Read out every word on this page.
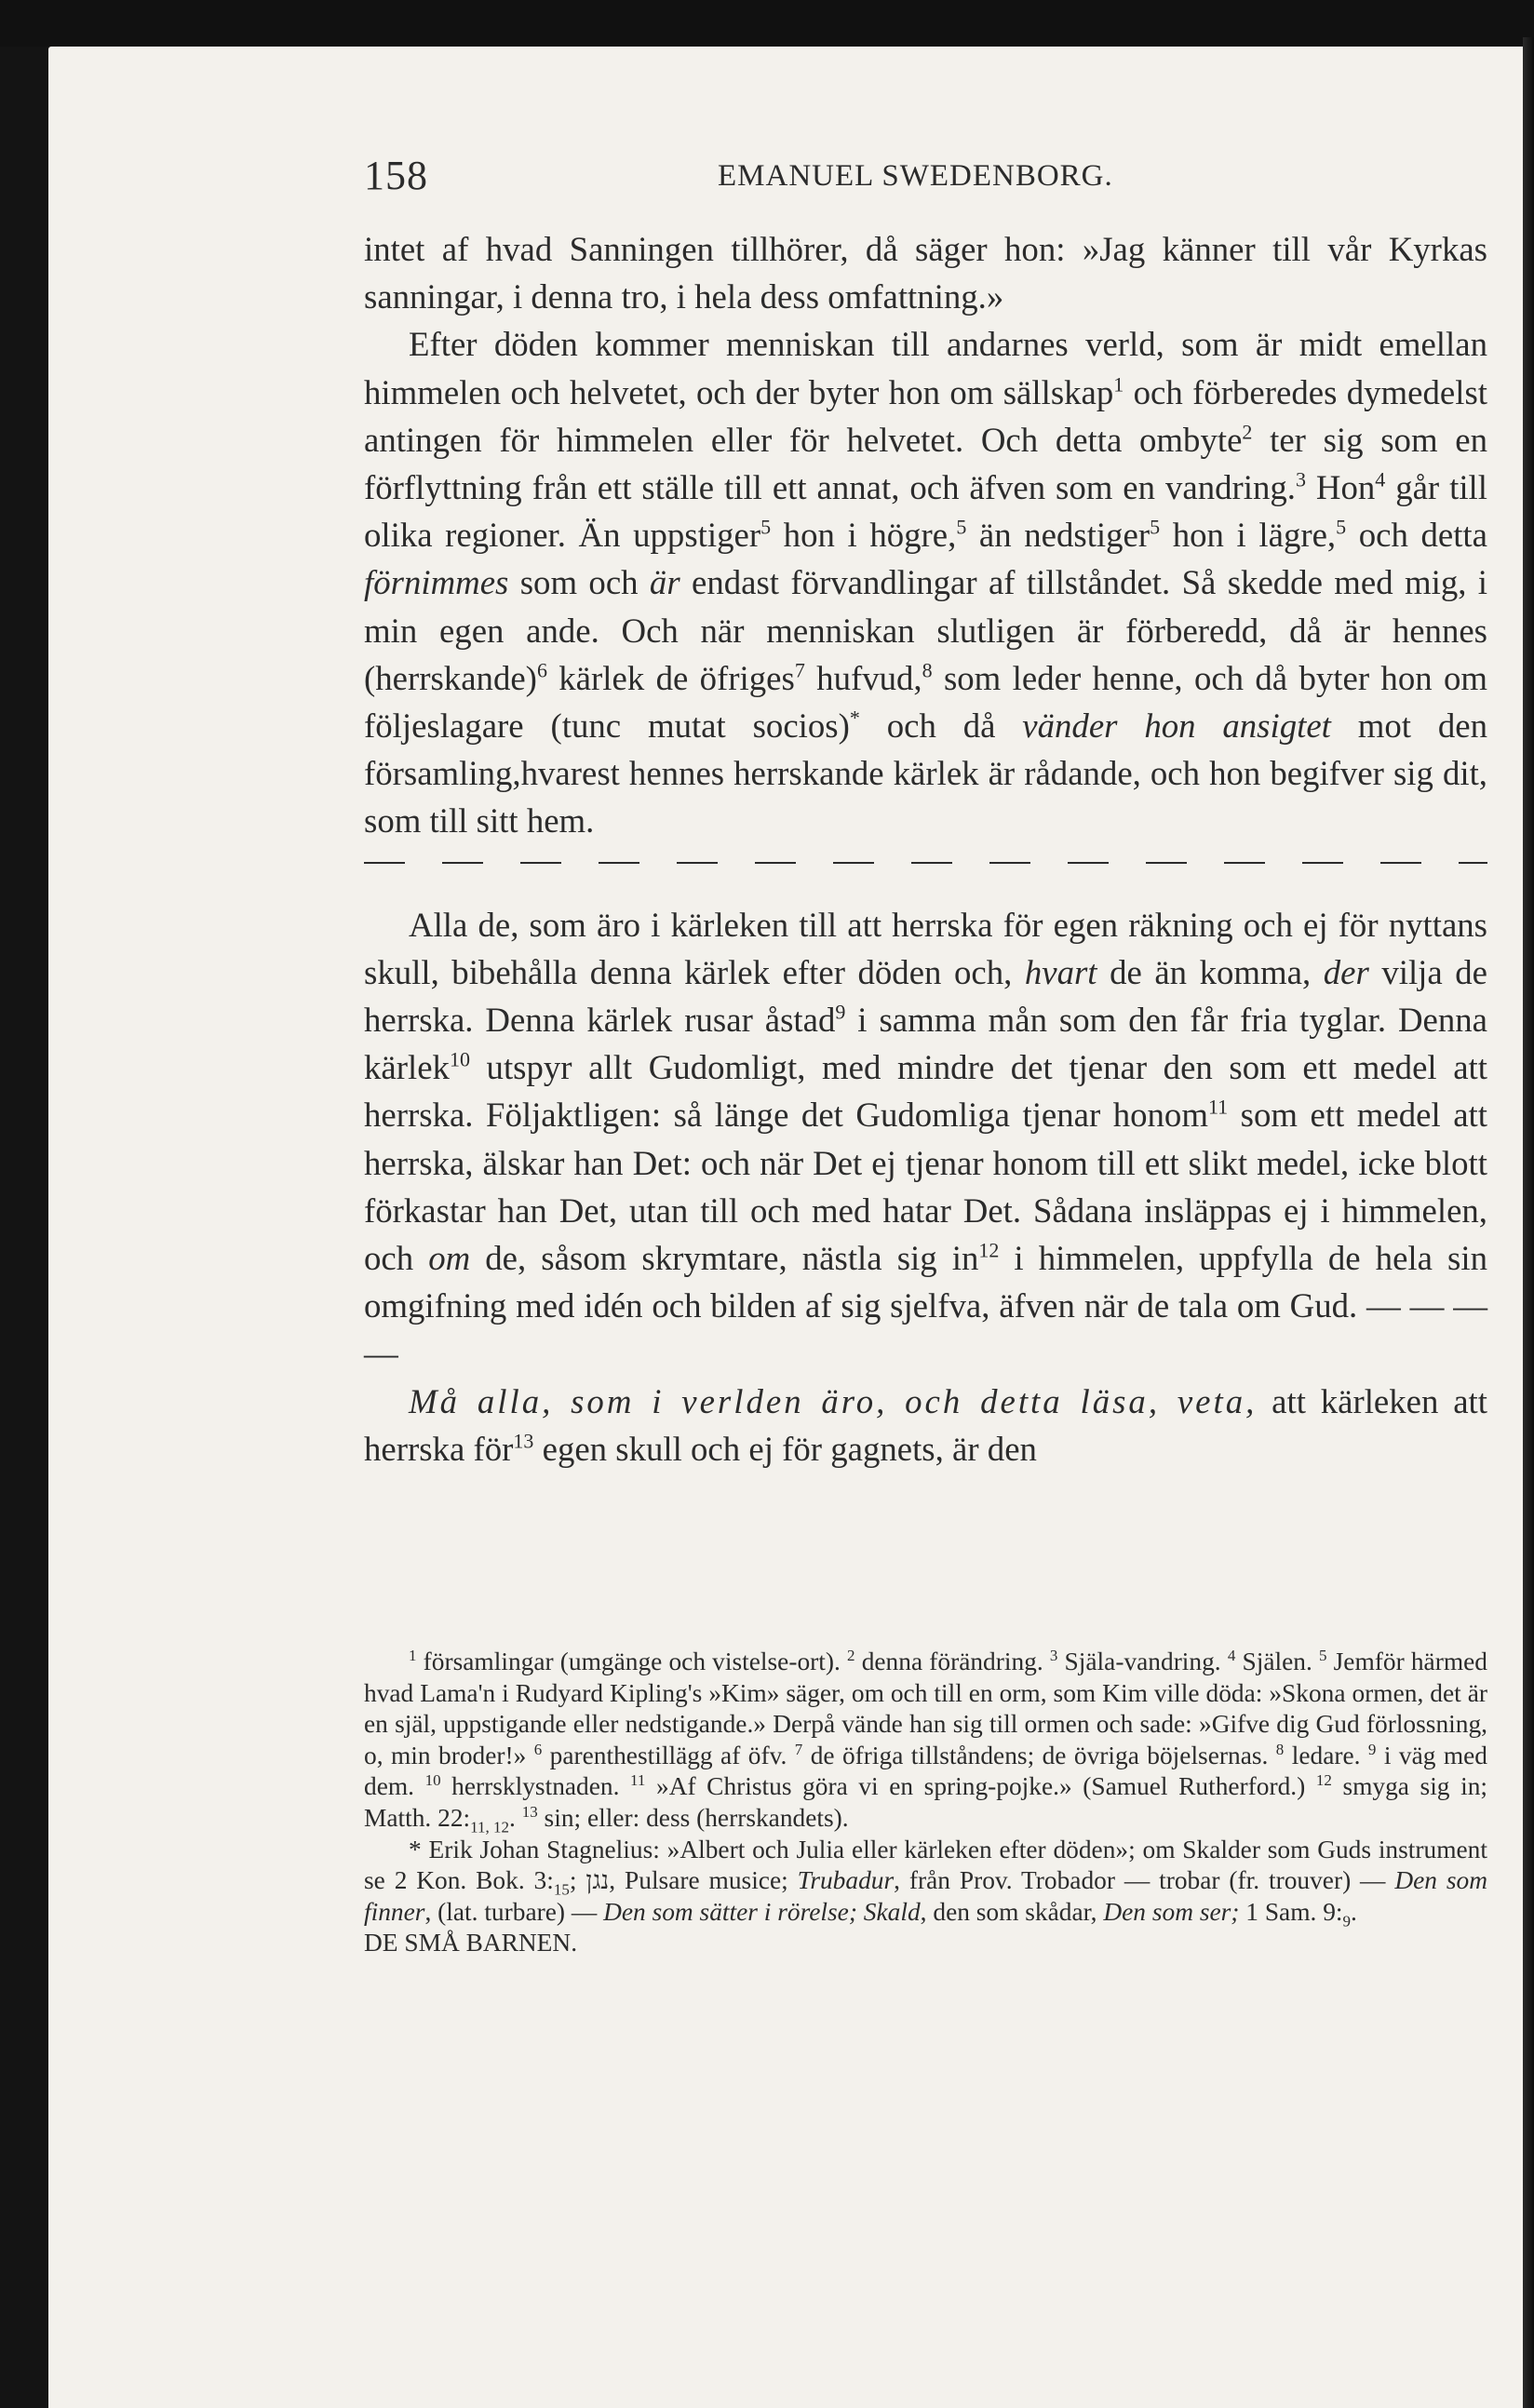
158	EMANUEL SWEDENBORG.

intet af hvad Sanningen tillhörer, då säger hon: »Jag känner till vår Kyrkas sanningar, i denna tro, i hela dess omfattning.»

Efter döden kommer menniskan till andarnes verld, som är midt emellan himmelen och helvetet, och der byter hon om sällskap$^1$ och förberedes dymedelst antingen för himmelen eller för helvetet. Och detta ombyte$^2$ ter sig som en förflyttning från ett ställe till ett annat, och äfven som en vandring.$^3$ Hon$^4$ går till olika regioner. Än uppstiger$^5$ hon i högre,$^5$ än nedstiger$^5$ hon i lägre,$^5$ och detta förnimmes som och är endast förvandlingar af tillståndet. Så skedde med mig, i min egen ande. Och när menniskan slutligen är förberedd, då är hennes (herrskande)$^6$ kärlek de öfriges$^7$ hufvud,$^8$ som leder henne, och då byter hon om följeslagare (tunc mutat socios)* och då vänder hon ansigtet mot den församling,hvarest hennes herrskande kärlek är rådande, och hon begifver sig dit, som till sitt hem.

Alla de, som äro i kärleken till att herrska för egen räkning och ej för nyttans skull, bibehålla denna kärlek efter döden och, hvart de än komma, der vilja de herrska. Denna kärlek rusar åstad$^9$ i samma mån som den får fria tyglar. Denna kärlek$^{10}$ utspyr allt Gudomligt, med mindre det tjenar den som ett medel att herrska. Följaktligen: så länge det Gudomliga tjenar honom$^{11}$ som ett medel att herrska, älskar han Det: och när Det ej tjenar honom till ett slikt medel, icke blott förkastar han Det, utan till och med hatar Det. Sådana insläppas ej i himmelen, och om de, såsom skrymtare, nästla sig $in^{12}$ i himmelen, uppfylla de hela sin omgifning med idén och bilden af sig sjelfva, äfven när de tala om Gud. — — — —

Må alla, som i verlden äro, och detta läsa, veta, att kärleken att herrska för$^{13}$ egen skull och ej för gagnets, är den

$^1$ församlingar (umgänge och vistelse-ort). $^2$ denna förändring. $^3$ Själa-vandring. $^4$ Själen. $^5$ Jemför härmed hvad Lama'n i Rudyard Kipling's »Kim» säger, om och till en orm, som Kim ville döda: »Skona ormen, det är en själ, uppstigande eller nedstigande.» Derpå vände han sig till ormen och sade: »Gifve dig Gud förlossning, o, min broder!» $^6$ parenthestillägg af öfv. $^7$ de öfriga tillståndens; de övriga böjelsernas. $^8$ ledare. $^9$ i väg med dem. $^{10}$ herrsklystnaden. $^{11}$ »Af Christus göra vi en spring-pojke.» (Samuel Rutherford.) $^{12}$ smyga sig in; Matth. $22:_{11, 12}$. $^{13}$ sin; eller: dess (herrskandets).

* Erik Johan Stagnelius: »Albert och Julia eller kärleken efter döden»; om Skalder som Guds instrument se 2 Kon. Bok. $3:_{15}$; נגן, Pulsare musice; Trubadur, från Prov. Trobador — trobar (fr. trouver) — Den som finner, (lat. turbare) — Den som sätter i rörelse; Skald, den som skådar, Den som ser; 1 Sam. $9:_9$.

DE SMÅ BARNEN.
